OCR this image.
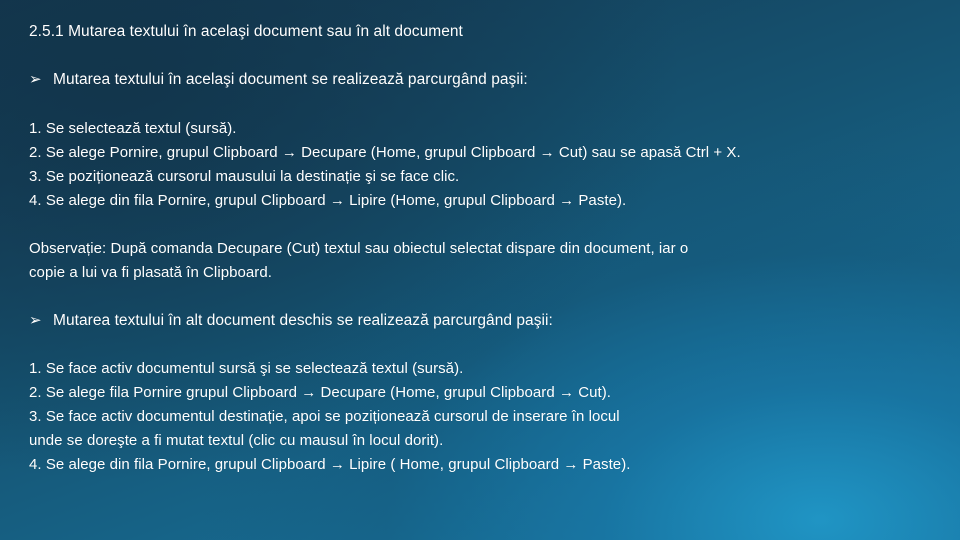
2.5.1 Mutarea textului în acelaşi document sau în alt document
➢ Mutarea textului în acelaşi document se realizează parcurgând paşii:
1. Se selectează textul (sursă).
2. Se alege Pornire, grupul Clipboard → Decupare (Home, grupul Clipboard → Cut) sau se apasă Ctrl + X.
3. Se poziționează cursorul mausului la destinație şi se face clic.
4. Se alege din fila Pornire, grupul Clipboard → Lipire (Home, grupul Clipboard → Paste).
Observație: După comanda Decupare (Cut) textul sau obiectul selectat dispare din document, iar o
copie a lui va fi plasată în Clipboard.
➢ Mutarea textului în alt document deschis se realizează parcurgând paşii:
1. Se face activ documentul sursă şi se selectează textul (sursă).
2. Se alege fila Pornire grupul Clipboard → Decupare (Home, grupul Clipboard → Cut).
3. Se face activ documentul destinație, apoi se poziționează cursorul de inserare în locul
unde se doreşte a fi mutat textul (clic cu mausul în locul dorit).
4. Se alege din fila Pornire, grupul Clipboard → Lipire ( Home, grupul Clipboard → Paste).
